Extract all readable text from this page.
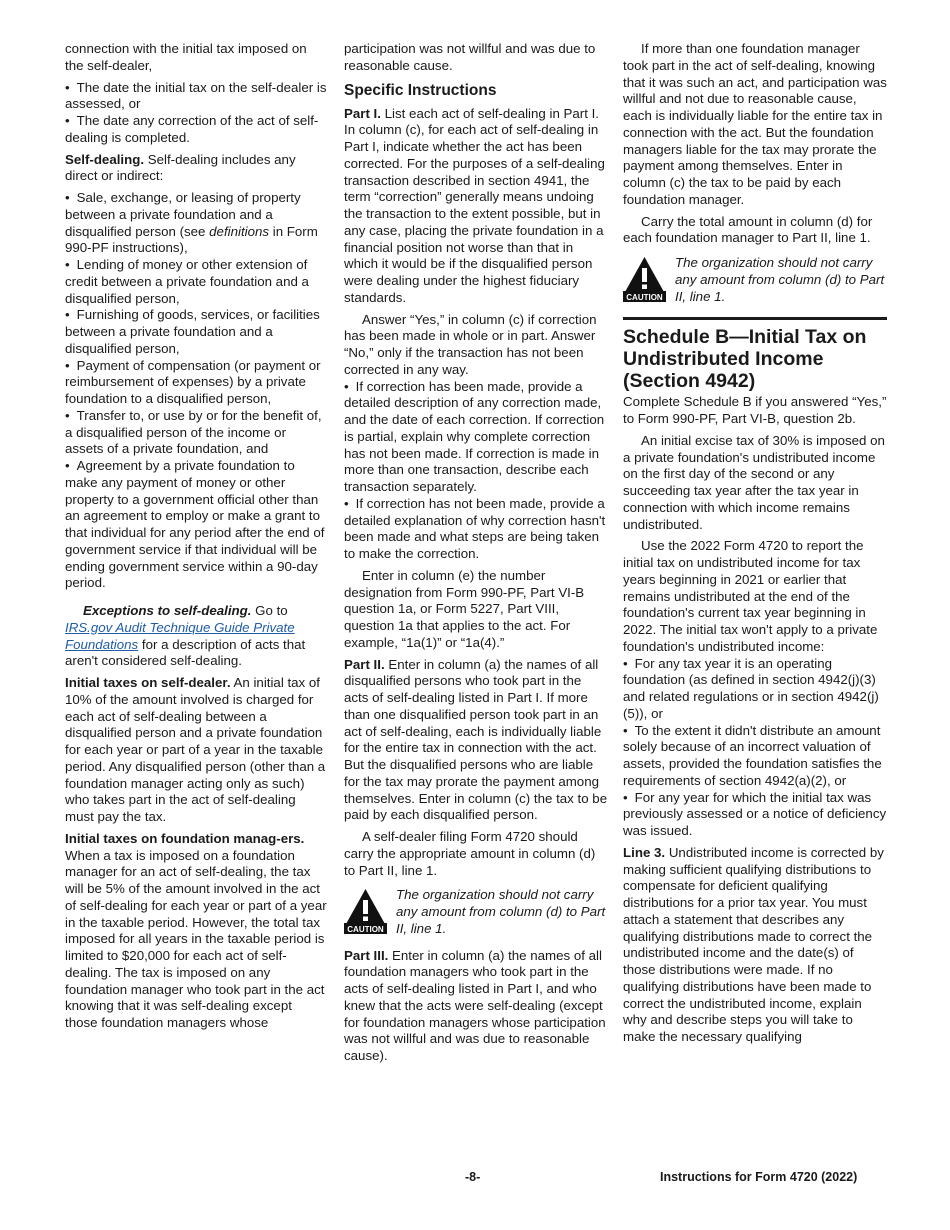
connection with the initial tax imposed on the self-dealer,

• The date the initial tax on the self-dealer is assessed, or
• The date any correction of the act of self-dealing is completed.

Self-dealing. Self-dealing includes any direct or indirect:

• Sale, exchange, or leasing of property between a private foundation and a disqualified person (see definitions in Form 990-PF instructions),
• Lending of money or other extension of credit between a private foundation and a disqualified person,
• Furnishing of goods, services, or facilities between a private foundation and a disqualified person,
• Payment of compensation (or payment or reimbursement of expenses) by a private foundation to a disqualified person,
• Transfer to, or use by or for the benefit of, a disqualified person of the income or assets of a private foundation, and
• Agreement by a private foundation to make any payment of money or other property to a government official other than an agreement to employ or make a grant to that individual for any period after the end of government service if that individual will be ending government service within a 90-day period.

Exceptions to self-dealing. Go to IRS.gov Audit Technique Guide Private Foundations for a description of acts that aren't considered self-dealing.

Initial taxes on self-dealer. An initial tax of 10% of the amount involved is charged for each act of self-dealing between a disqualified person and a private foundation for each year or part of a year in the taxable period. Any disqualified person (other than a foundation manager acting only as such) who takes part in the act of self-dealing must pay the tax.

Initial taxes on foundation manag-ers. When a tax is imposed on a foundation manager for an act of self-dealing, the tax will be 5% of the amount involved in the act of self-dealing for each year or part of a year in the taxable period. However, the total tax imposed for all years in the taxable period is limited to $20,000 for each act of self-dealing. The tax is imposed on any foundation manager who took part in the act knowing that it was self-dealing except those foundation managers whose

participation was not willful and was due to reasonable cause.

Specific Instructions

Part I. List each act of self-dealing in Part I. In column (c), for each act of self-dealing in Part I, indicate whether the act has been corrected. For the purposes of a self-dealing transaction described in section 4941, the term “correction” generally means undoing the transaction to the extent possible, but in any case, placing the private foundation in a financial position not worse than that in which it would be if the disqualified person were dealing under the highest fiduciary standards.

Answer “Yes,” in column (c) if correction has been made in whole or in part. Answer “No,” only if the transaction has not been corrected in any way.

• If correction has been made, provide a detailed description of any correction made, and the date of each correction. If correction is partial, explain why complete correction has not been made. If correction is made in more than one transaction, describe each transaction separately.
• If correction has not been made, provide a detailed explanation of why correction hasn't been made and what steps are being taken to make the correction.

Enter in column (e) the number designation from Form 990-PF, Part VI-B question 1a, or Form 5227, Part VIII, question 1a that applies to the act. For example, “1a(1)” or “1a(4).”

Part II. Enter in column (a) the names of all disqualified persons who took part in the acts of self-dealing listed in Part I. If more than one disqualified person took part in an act of self-dealing, each is individually liable for the entire tax in connection with the act. But the disqualified persons who are liable for the tax may prorate the payment among themselves. Enter in column (c) the tax to be paid by each disqualified person.

A self-dealer filing Form 4720 should carry the appropriate amount in column (d) to Part II, line 1.

CAUTION
The organization should not carry any amount from column (d) to Part II, line 1.

Part III. Enter in column (a) the names of all foundation managers who took part in the acts of self-dealing listed in Part I, and who knew that the acts were self-dealing (except for foundation managers whose participation was not willful and was due to reasonable cause).

If more than one foundation manager took part in the act of self-dealing, knowing that it was such an act, and participation was willful and not due to reasonable cause, each is individually liable for the entire tax in connection with the act. But the foundation managers liable for the tax may prorate the payment among themselves. Enter in column (c) the tax to be paid by each foundation manager.

Carry the total amount in column (d) for each foundation manager to Part II, line 1.

CAUTION
The organization should not carry any amount from column (d) to Part II, line 1.
Schedule B—Initial Tax on Undistributed Income (Section 4942)

Complete Schedule B if you answered “Yes,” to Form 990-PF, Part VI-B, question 2b.

An initial excise tax of 30% is imposed on a private foundation's undistributed income on the first day of the second or any succeeding tax year after the tax year in connection with which income remains undistributed.

Use the 2022 Form 4720 to report the initial tax on undistributed income for tax years beginning in 2021 or earlier that remains undistributed at the end of the foundation's current tax year beginning in 2022. The initial tax won't apply to a private foundation's undistributed income:

• For any tax year it is an operating foundation (as defined in section 4942(j)(3) and related regulations or in section 4942(j)(5)), or
• To the extent it didn't distribute an amount solely because of an incorrect valuation of assets, provided the foundation satisfies the requirements of section 4942(a)(2), or
• For any year for which the initial tax was previously assessed or a notice of deficiency was issued.

Line 3. Undistributed income is corrected by making sufficient qualifying distributions to compensate for deficient qualifying distributions for a prior tax year. You must attach a statement that describes any qualifying distributions made to correct the undistributed income and the date(s) of those distributions were made. If no qualifying distributions have been made to correct the undistributed income, explain why and describe steps you will take to make the necessary qualifying

-8-	Instructions for Form 4720 (2022)
